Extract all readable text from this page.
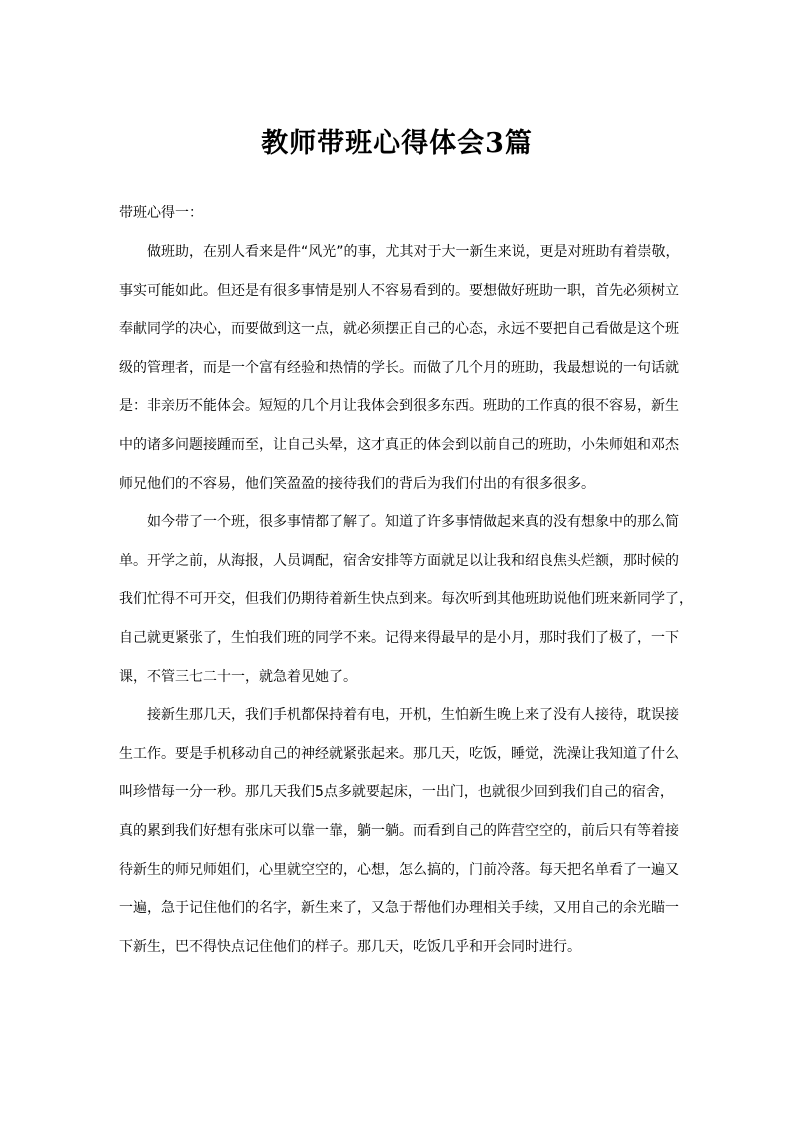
教师带班心得体会3篇
带班心得一：
做班助，在别人看来是件“风光”的事，尤其对于大一新生来说，更是对班助有着崇敬，
事实可能如此。但还是有很多事情是别人不容易看到的。要想做好班助一职，首先必须树立
奉献同学的决心，而要做到这一点，就必须摆正自己的心态，永远不要把自己看做是这个班
级的管理者，而是一个富有经验和热情的学长。而做了几个月的班助，我最想说的一句话就
是：非亲历不能体会。短短的几个月让我体会到很多东西。班助的工作真的很不容易，新生
中的诸多问题接踵而至，让自己头晕，这才真正的体会到以前自己的班助，小朱师姐和邓杰
师兄他们的不容易，他们笑盈盈的接待我们的背后为我们付出的有很多很多。
如今带了一个班，很多事情都了解了。知道了许多事情做起来真的没有想象中的那么简
单。开学之前，从海报，人员调配，宿舍安排等方面就足以让我和绍良焦头烂额，那时候的
我们忙得不可开交，但我们仍期待着新生快点到来。每次听到其他班助说他们班来新同学了，
自己就更紧张了，生怕我们班的同学不来。记得来得最早的是小月，那时我们了极了，一下
课，不管三七二十一，就急着见她了。
接新生那几天，我们手机都保持着有电，开机，生怕新生晚上来了没有人接待，耽误接
生工作。要是手机移动自己的神经就紧张起来。那几天，吃饭，睡觉，洗澡让我知道了什么
叫珍惜每一分一秒。那几天我们5点多就要起床，一出门，也就很少回到我们自己的宿舍，
真的累到我们好想有张床可以靠一靠，躺一躺。而看到自己的阵营空空的，前后只有等着接
待新生的师兄师姐们，心里就空空的，心想，怎么搞的，门前冷落。每天把名单看了一遍又
一遍，急于记住他们的名字，新生来了，又急于帮他们办理相关手续，又用自己的余光瞄一
下新生，巴不得快点记住他们的样子。那几天，吃饭几乎和开会同时进行。
